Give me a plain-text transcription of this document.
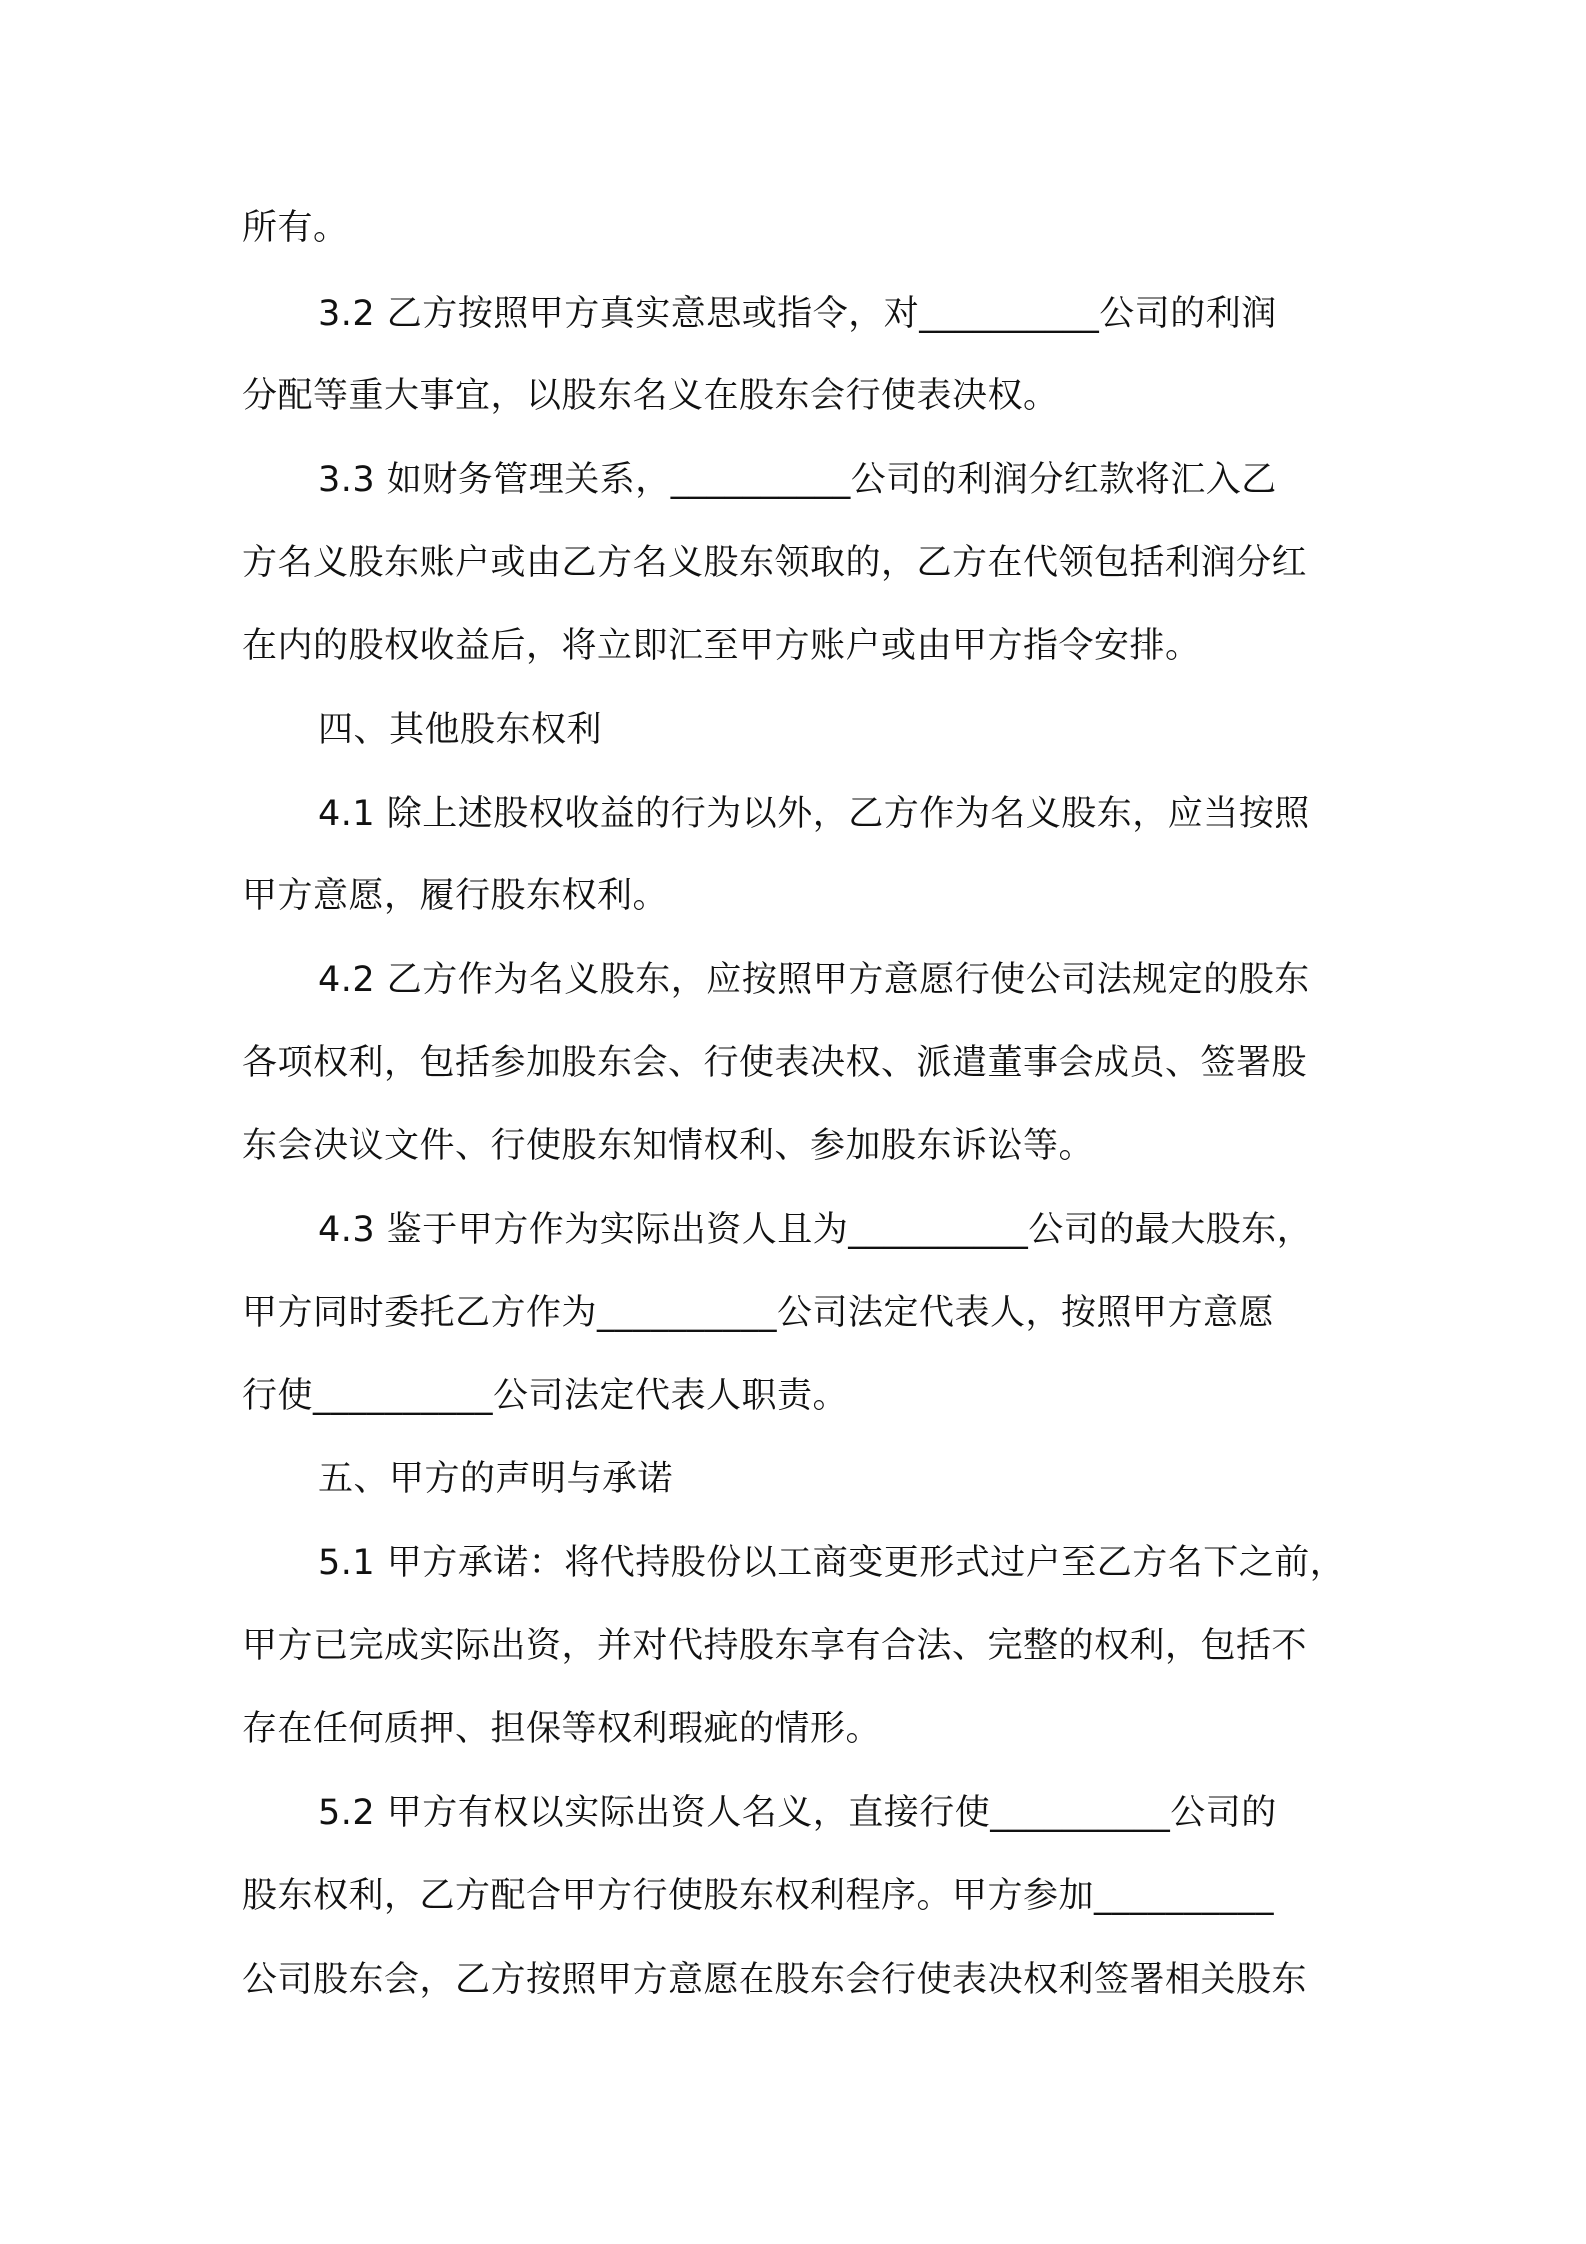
所有。

3.2 乙方按照甲方真实意思或指令，对__________公司的利润

分配等重大事宜，以股东名义在股东会行使表决权。

3.3 如财务管理关系，__________公司的利润分红款将汇入乙

方名义股东账户或由乙方名义股东领取的，乙方在代领包括利润分红

在内的股权收益后，将立即汇至甲方账户或由甲方指令安排。

四、其他股东权利

4.1 除上述股权收益的行为以外，乙方作为名义股东，应当按照

甲方意愿，履行股东权利。

4.2 乙方作为名义股东，应按照甲方意愿行使公司法规定的股东

各项权利，包括参加股东会、行使表决权、派遣董事会成员、签署股

东会决议文件、行使股东知情权利、参加股东诉讼等。

4.3 鉴于甲方作为实际出资人且为__________公司的最大股东，

甲方同时委托乙方作为__________公司法定代表人，按照甲方意愿

行使__________公司法定代表人职责。

五、甲方的声明与承诺

5.1 甲方承诺：将代持股份以工商变更形式过户至乙方名下之前，

甲方已完成实际出资，并对代持股东享有合法、完整的权利，包括不

存在任何质押、担保等权利瑕疵的情形。

5.2 甲方有权以实际出资人名义，直接行使__________公司的

股东权利，乙方配合甲方行使股东权利程序。甲方参加__________

公司股东会，乙方按照甲方意愿在股东会行使表决权利签署相关股东
